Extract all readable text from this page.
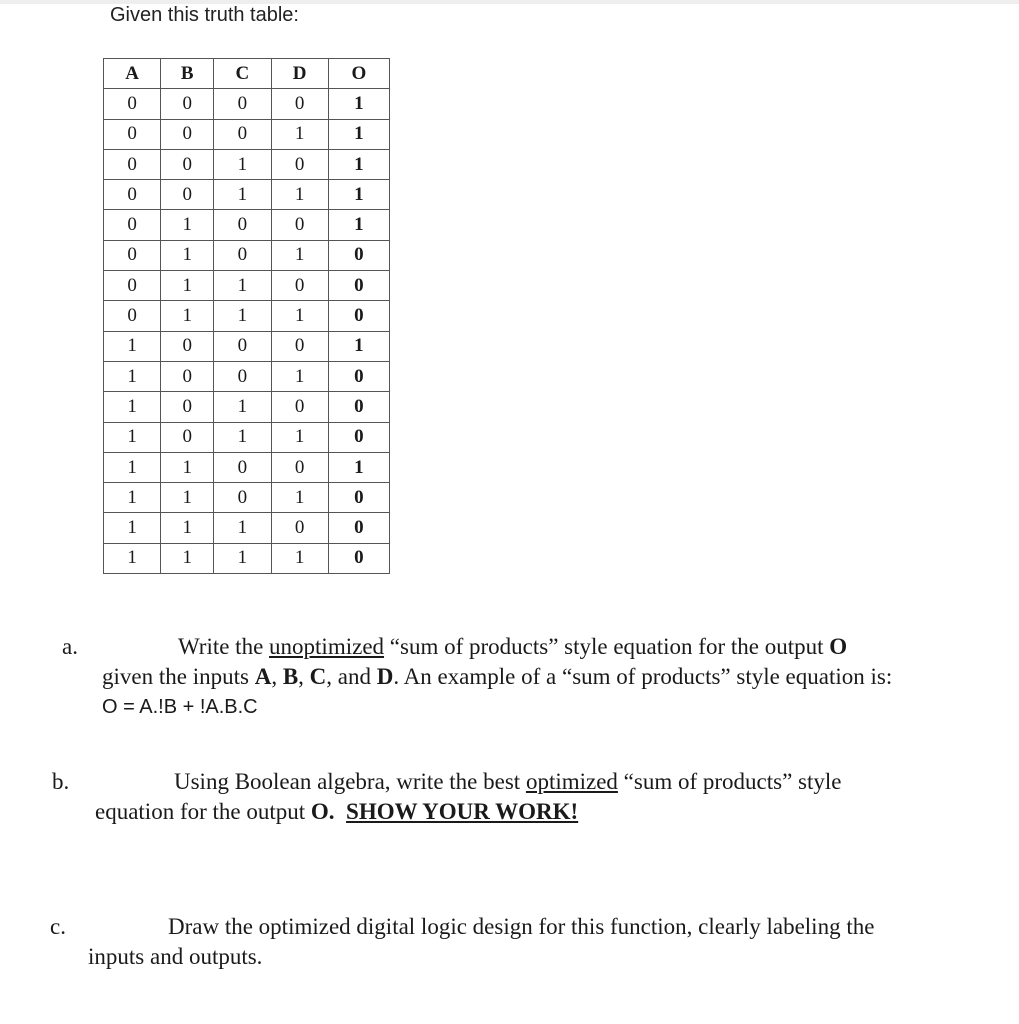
Given this truth table:
A	B	C	D	O
0	0	0	0	1
0	0	0	1	1
0	0	1	0	1
0	0	1	1	1
0	1	0	0	1
0	1	0	1	0
0	1	1	0	0
0	1	1	1	0
1	0	0	0	1
1	0	0	1	0
1	0	1	0	0
1	0	1	1	0
1	1	0	0	1
1	1	0	1	0
1	1	1	0	0
1	1	1	1	0
a.	Write the unoptimized “sum of products” style equation for the output O
given the inputs A, B, C, and D. An example of a “sum of products” style equation is:
O = A.!B + !A.B.C
b.	Using Boolean algebra, write the best optimized “sum of products” style
equation for the output O. SHOW YOUR WORK!
c.	Draw the optimized digital logic design for this function, clearly labeling the
inputs and outputs.
